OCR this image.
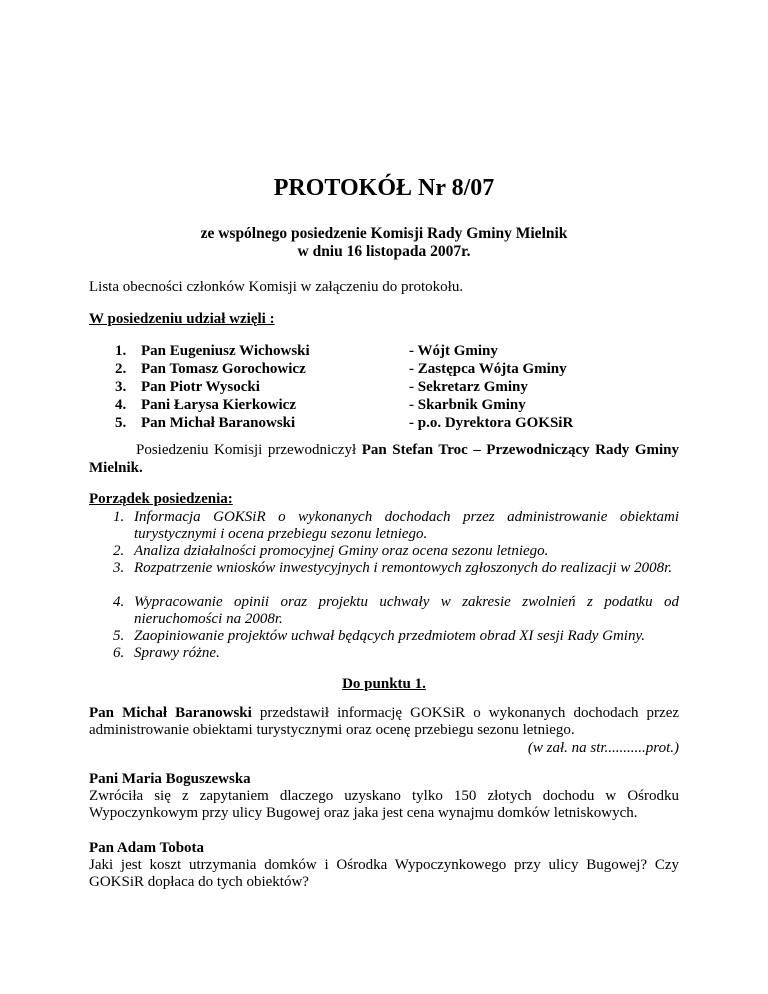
PROTOKÓŁ Nr 8/07
ze wspólnego posiedzenie Komisji Rady Gminy Mielnik
w dniu 16 listopada 2007r.
Lista obecności członków Komisji w załączeniu do protokołu.
W posiedzeniu udział wzięli :
1. Pan Eugeniusz Wichowski	- Wójt Gminy
2. Pan Tomasz Gorochowicz	- Zastępca Wójta Gminy
3. Pan Piotr Wysocki	- Sekretarz Gminy
4. Pani Łarysa Kierkowicz	- Skarbnik Gminy
5. Pan Michał Baranowski	- p.o. Dyrektora GOKSiR
Posiedzeniu Komisji przewodniczył Pan Stefan Troc – Przewodniczący Rady Gminy Mielnik.
Porządek posiedzenia:
1. Informacja GOKSiR o wykonanych dochodach przez administrowanie obiektami turystycznymi i ocena przebiegu sezonu letniego.
2. Analiza działalności promocyjnej Gminy oraz ocena sezonu letniego.
3. Rozpatrzenie wniosków inwestycyjnych i remontowych zgłoszonych do realizacji w 2008r.
4. Wypracowanie opinii oraz projektu uchwały w zakresie zwolnień z podatku od nieruchomości na 2008r.
5. Zaopiniowanie projektów uchwał będących przedmiotem obrad XI sesji Rady Gminy.
6. Sprawy różne.
Do punktu 1.
Pan Michał Baranowski przedstawił informację GOKSiR o wykonanych dochodach przez administrowanie obiektami turystycznymi oraz ocenę przebiegu sezonu letniego.
(w zał. na str...........prot.)
Pani Maria Boguszewska
Zwróciła się z zapytaniem dlaczego uzyskano tylko 150 złotych dochodu w Ośrodku Wypoczynkowym przy ulicy Bugowej oraz jaka jest cena wynajmu domków letniskowych.
Pan Adam Tobota
Jaki jest koszt utrzymania domków i Ośrodka Wypoczynkowego przy ulicy Bugowej? Czy GOKSiR dopłaca do tych obiektów?
